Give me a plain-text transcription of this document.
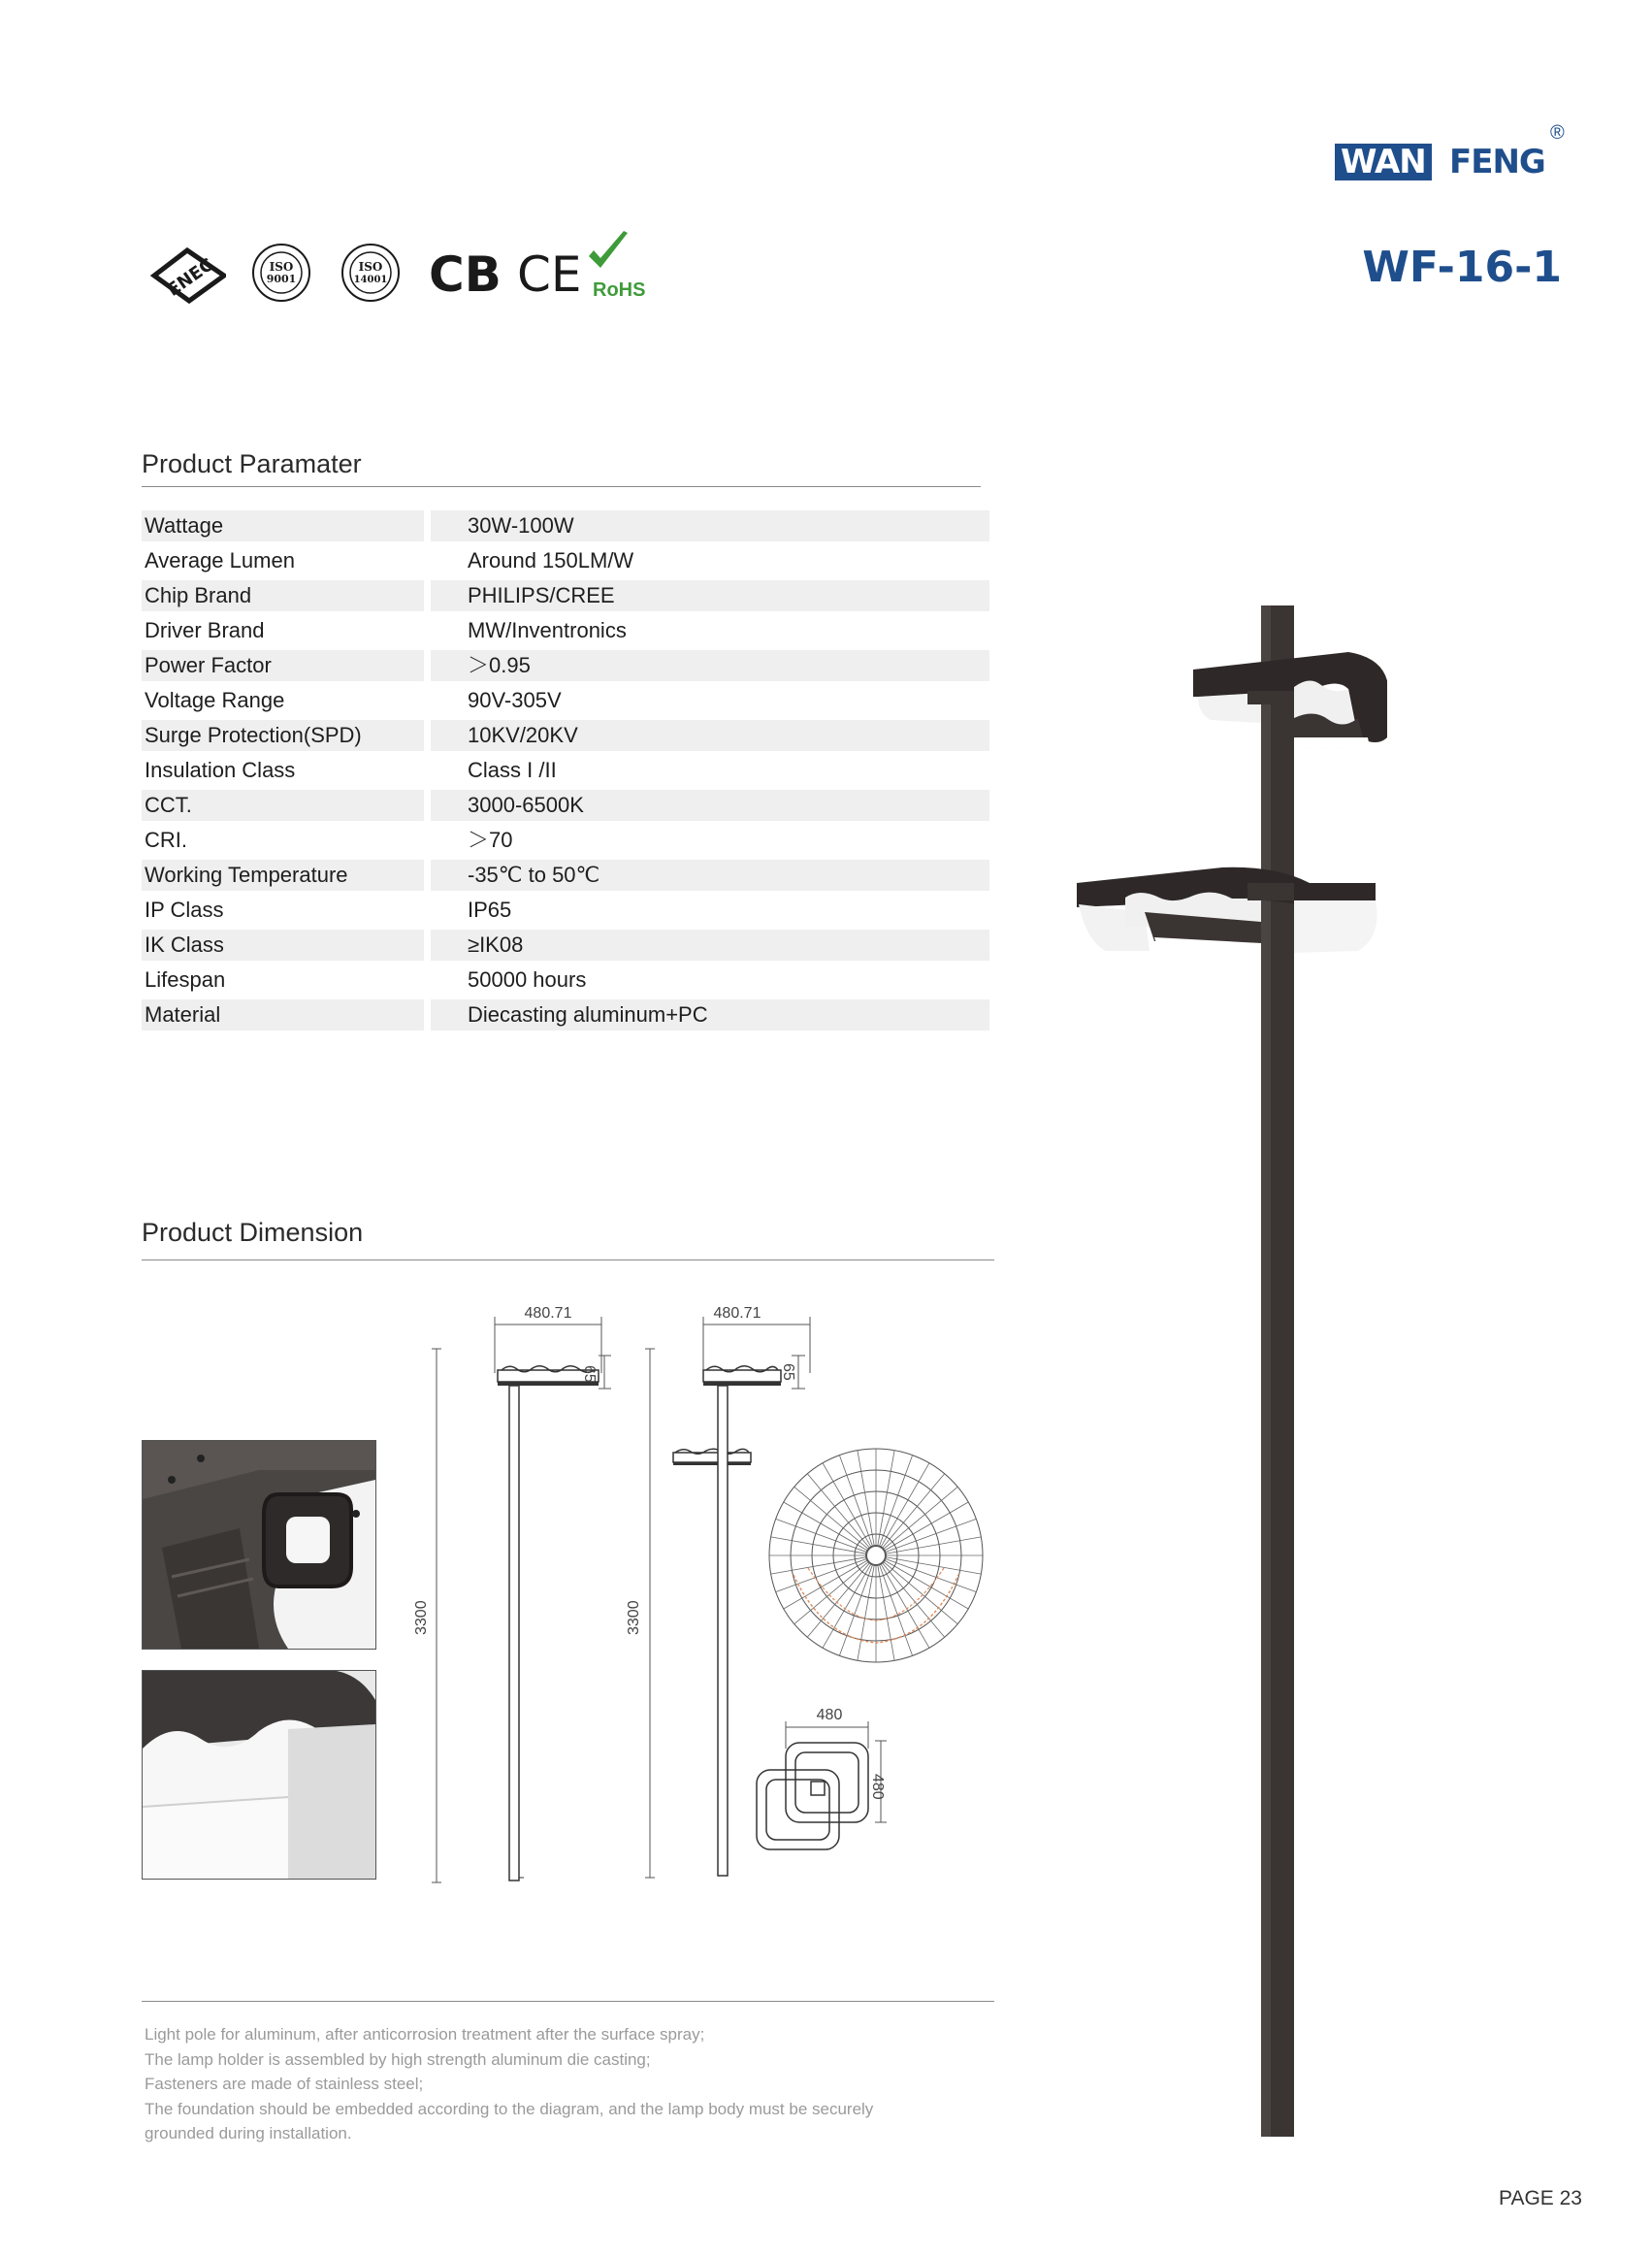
WAN FENG
®
WF-16-1
ENEC	ISO
9001
ISO
14001 CB CE RoHS
Product Paramater
Wattage	30W-100W
Average Lumen	Around 150LM/W
Chip Brand	PHILIPS/CREE
Driver Brand	MW/Inventronics
Power Factor	＞0.95
Voltage Range	90V-305V
Surge Protection(SPD)	10KV/20KV
Insulation Class	Class I /II
CCT.	3000-6500K
CRI.	＞70
Working Temperature	-35℃ to 50℃
IP Class	IP65
IK Class	≥IK08
Lifespan	50000 hours
Material	Diecasting aluminum+PC
Product Dimension
480.71
65
3300
480.71
65
3300
480
480

Light pole for aluminum, after anticorrosion treatment after the surface spray;

The lamp holder is assembled by high strength aluminum die casting;

Fasteners are made of stainless steel;

The foundation should be embedded according to the diagram, and the lamp body must be securely

grounded during installation.

PAGE 23
